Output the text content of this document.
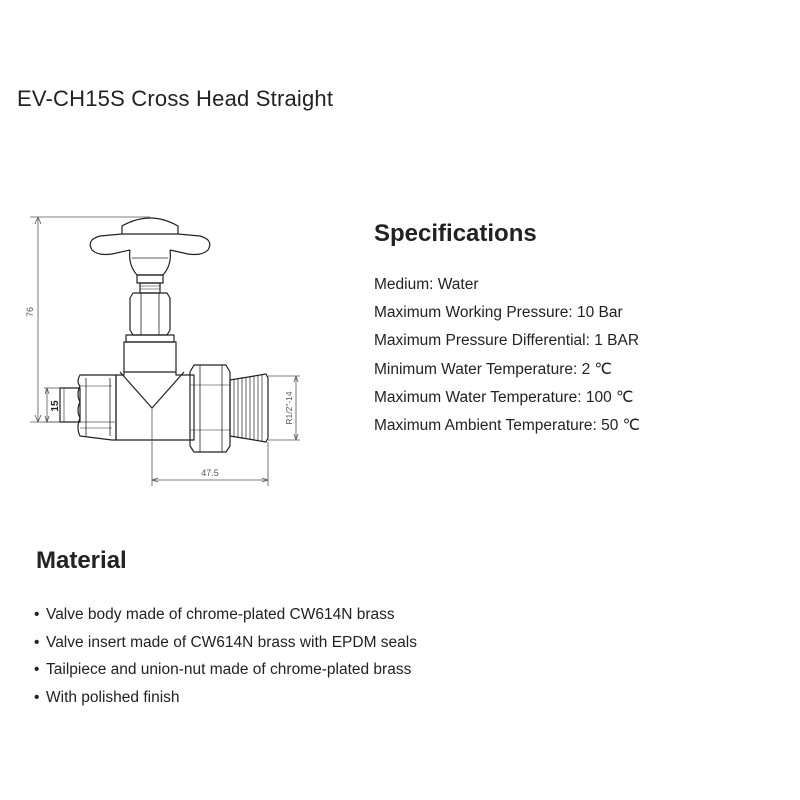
EV-CH15S Cross Head Straight
76
15	R1/2"-14
47.5
Specifications
Medium: Water
Maximum Working Pressure: 10 Bar
Maximum Pressure Differential: 1 BAR
Minimum Water Temperature: 2 ℃
Maximum Water Temperature: 100 ℃
Maximum Ambient Temperature: 50 ℃
Material
• Valve body made of chrome-plated CW614N brass
• Valve insert made of CW614N brass with EPDM seals
• Tailpiece and union-nut made of chrome-plated brass
• With polished finish
